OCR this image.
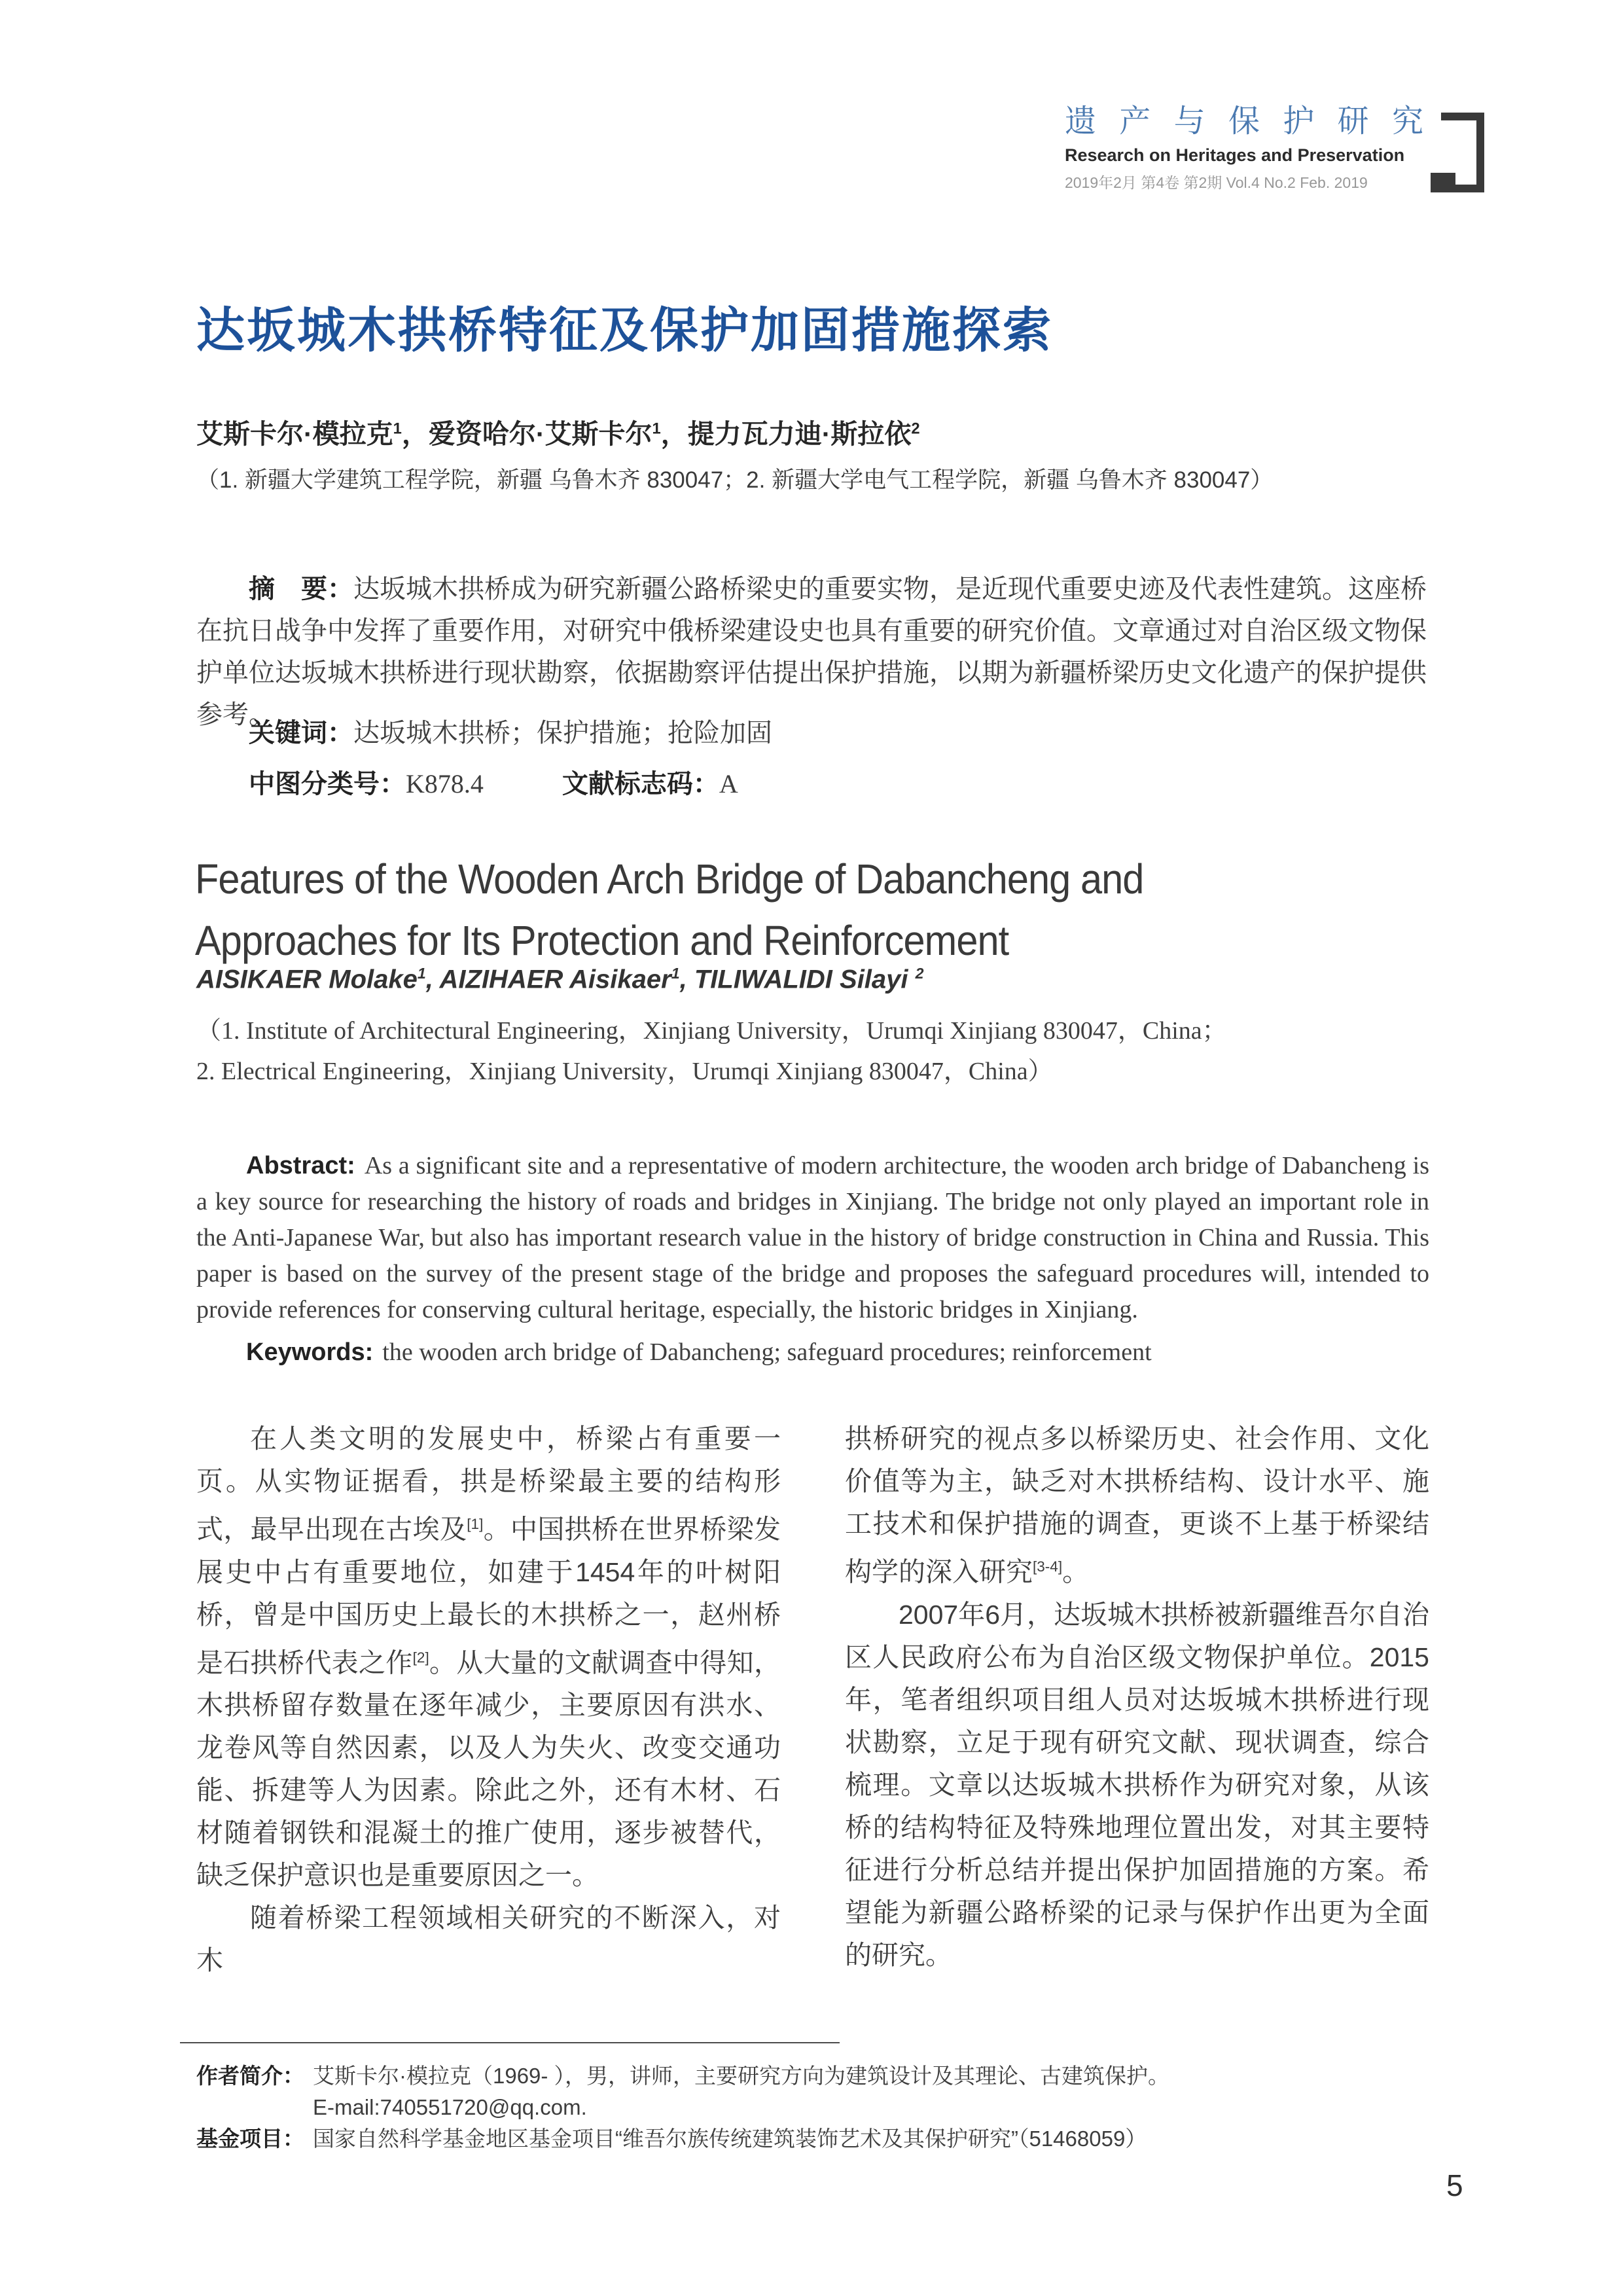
遗 产 与 保 护 研 究
Research on Heritages and Preservation
2019年2月 第4卷 第2期 Vol.4 No.2 Feb. 2019
达坂城木拱桥特征及保护加固措施探索
艾斯卡尔·模拉克$^1$，爱资哈尔·艾斯卡尔$^1$，提力瓦力迪·斯拉依$^2$
（1. 新疆大学建筑工程学院，新疆 乌鲁木齐 830047；2. 新疆大学电气工程学院，新疆 乌鲁木齐 830047）

摘　要：达坂城木拱桥成为研究新疆公路桥梁史的重要实物，是近现代重要史迹及代表性建筑。这座桥在抗日战争中发挥了重要作用，对研究中俄桥梁建设史也具有重要的研究价值。文章通过对自治区级文物保护单位达坂城木拱桥进行现状勘察，依据勘察评估提出保护措施，以期为新疆桥梁历史文化遗产的保护提供参考。

关键词：达坂城木拱桥；保护措施；抢险加固
中图分类号：K878.4	文献标志码：A
Features of the Wooden Arch Bridge of Dabancheng and
Approaches for Its Protection and Reinforcement
AISIKAER Molake$^1$, AIZIHAER Aisikaer$^1$, TILIWALIDI Silayi $^2$
（1. Institute of Architectural Engineering，Xinjiang University，Urumqi Xinjiang 830047，China；
2. Electrical Engineering，Xinjiang University，Urumqi Xinjiang 830047，China）

Abstract: As a significant site and a representative of modern architecture, the wooden arch bridge of Dabancheng is a key source for researching the history of roads and bridges in Xinjiang. The bridge not only played an important role in the Anti-Japanese War, but also has important research value in the history of bridge construction in China and Russia. This paper is based on the survey of the present stage of the bridge and proposes the safeguard procedures will, intended to provide references for conserving cultural heritage, especially, the historic bridges in Xinjiang.

Keywords: the wooden arch bridge of Dabancheng; safeguard procedures; reinforcement

在人类文明的发展史中，桥梁占有重要一页。从实物证据看，拱是桥梁最主要的结构形式，最早出现在古埃及[1]。中国拱桥在世界桥梁发展史中占有重要地位，如建于1454年的叶树阳桥，曾是中国历史上最长的木拱桥之一，赵州桥是石拱桥代表之作[2]。从大量的文献调查中得知，木拱桥留存数量在逐年减少，主要原因有洪水、龙卷风等自然因素，以及人为失火、改变交通功能、拆建等人为因素。除此之外，还有木材、石材随着钢铁和混凝土的推广使用，逐步被替代，缺乏保护意识也是重要原因之一。

随着桥梁工程领域相关研究的不断深入，对木

拱桥研究的视点多以桥梁历史、社会作用、文化价值等为主，缺乏对木拱桥结构、设计水平、施工技术和保护措施的调查，更谈不上基于桥梁结构学的深入研究[3-4]。

2007年6月，达坂城木拱桥被新疆维吾尔自治区人民政府公布为自治区级文物保护单位。2015年，笔者组织项目组人员对达坂城木拱桥进行现状勘察，立足于现有研究文献、现状调查，综合梳理。文章以达坂城木拱桥作为研究对象，从该桥的结构特征及特殊地理位置出发，对其主要特征进行分析总结并提出保护加固措施的方案。希望能为新疆公路桥梁的记录与保护作出更为全面的研究。

作者简介： 艾斯卡尔·模拉克（1969- ），男，讲师，主要研究方向为建筑设计及其理论、古建筑保护。
E-mail:740551720@qq.com.
基金项目： 国家自然科学基金地区基金项目“维吾尔族传统建筑装饰艺术及其保护研究”（51468059）
5
